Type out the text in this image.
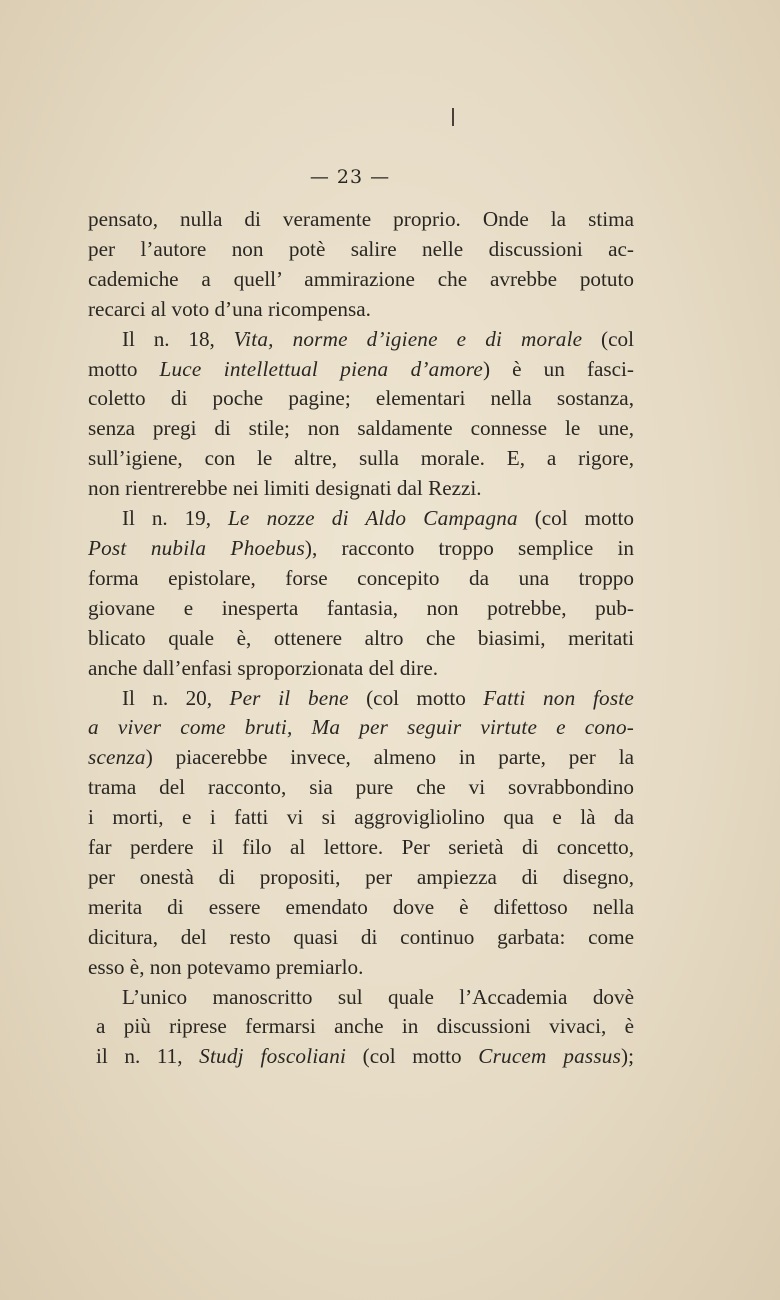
— 23 —
pensato, nulla di veramente proprio. Onde la stima
per l’autore non potè salire nelle discussioni ac-
cademiche a quell’ ammirazione che avrebbe potuto
recarci al voto d’una ricompensa.
Il n. 18, Vita, norme d’igiene e di morale (col
motto Luce intellettual piena d’amore) è un fasci-
coletto di poche pagine; elementari nella sostanza,
senza pregi di stile; non saldamente connesse le une,
sull’igiene, con le altre, sulla morale. E, a rigore,
non rientrerebbe nei limiti designati dal Rezzi.
Il n. 19, Le nozze di Aldo Campagna (col motto
Post nubila Phoebus), racconto troppo semplice in
forma epistolare, forse concepito da una troppo
giovane e inesperta fantasia, non potrebbe, pub-
blicato quale è, ottenere altro che biasimi, meritati
anche dall’enfasi sproporzionata del dire.
Il n. 20, Per il bene (col motto Fatti non foste
a viver come bruti, Ma per seguir virtute e cono-
scenza) piacerebbe invece, almeno in parte, per la
trama del racconto, sia pure che vi sovrabbondino
i morti, e i fatti vi si aggrovigliolino qua e là da
far perdere il filo al lettore. Per serietà di concetto,
per onestà di propositi, per ampiezza di disegno,
merita di essere emendato dove è difettoso nella
dicitura, del resto quasi di continuo garbata: come
esso è, non potevamo premiarlo.
L’unico manoscritto sul quale l’Accademia dovè
a più riprese fermarsi anche in discussioni vivaci, è
il n. 11, Studj foscoliani (col motto Crucem passus);
